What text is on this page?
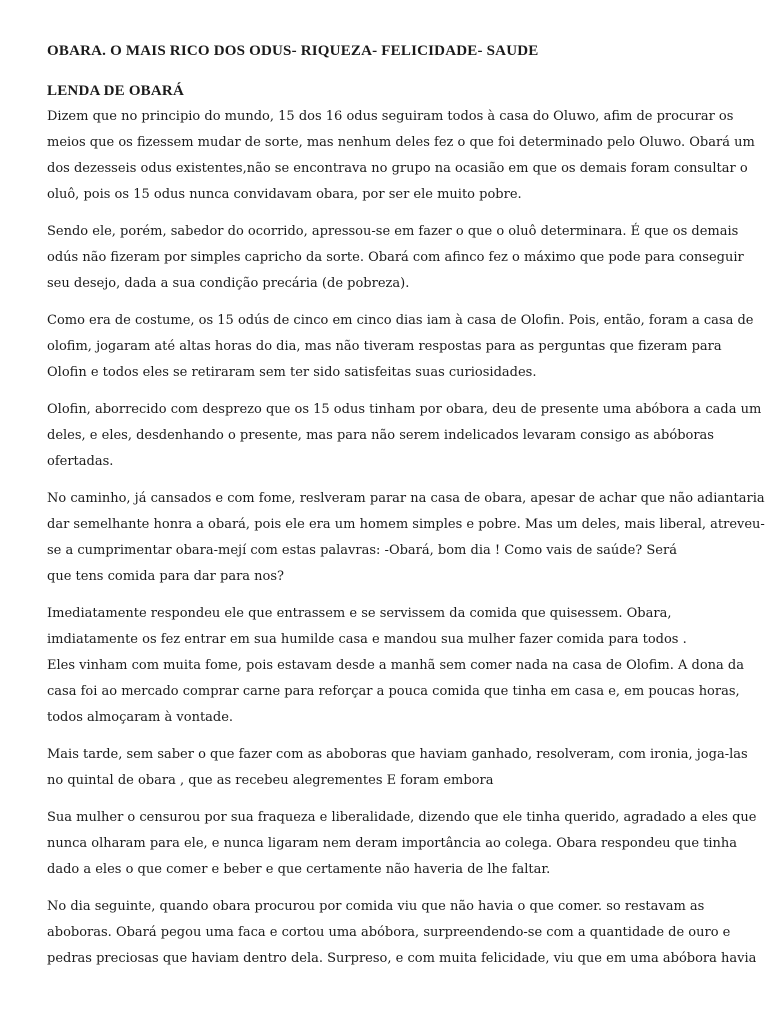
OBARA. O MAIS RICO DOS ODUS- RIQUEZA- FELICIDADE- SAUDE
LENDA DE OBARÁ

Dizem que no principio do mundo, 15 dos 16 odus seguiram todos à casa do Oluwo, afim de procurar os
meios que os fizessem mudar de sorte, mas nenhum deles fez o que foi determinado pelo Oluwo. Obará um
dos dezesseis odus existentes,não se encontrava no grupo na ocasião em que os demais foram consultar o
oluô, pois os 15 odus nunca convidavam obara, por ser ele muito pobre.

Sendo ele, porém, sabedor do ocorrido, apressou-se em fazer o que o oluô determinara. É que os demais
odús não fizeram por simples capricho da sorte. Obará com afinco fez o máximo que pode para conseguir
seu desejo, dada a sua condição precária (de pobreza).

Como era de costume, os 15 odús de cinco em cinco dias iam à casa de Olofin. Pois, então, foram a casa de
olofim, jogaram até altas horas do dia, mas não tiveram respostas para as perguntas que fizeram para
Olofin e todos eles se retiraram sem ter sido satisfeitas suas curiosidades.

Olofin, aborrecido com desprezo que os 15 odus tinham por obara, deu de presente uma abóbora a cada um
deles, e eles, desdenhando o presente, mas para não serem indelicados levaram consigo as abóboras
ofertadas.

No caminho, já cansados e com fome, reslveram parar na casa de obara, apesar de achar que não adiantaria
dar semelhante honra a obará, pois ele era um homem simples e pobre. Mas um deles, mais liberal, atreveu-
se a cumprimentar obara-mejí com estas palavras: -Obará, bom dia ! Como vais de saúde? Será
que tens comida para dar para nos?

Imediatamente respondeu ele que entrassem e se servissem da comida que quisessem. Obara,
imdiatamente os fez entrar em sua humilde casa e mandou sua mulher fazer comida para todos .
Eles vinham com muita fome, pois estavam desde a manhã sem comer nada na casa de Olofim. A dona da
casa foi ao mercado comprar carne para reforçar a pouca comida que tinha em casa e, em poucas horas,
todos almoçaram à vontade.

Mais tarde, sem saber o que fazer com as aboboras que haviam ganhado, resolveram, com ironia, joga-las
no quintal de obara , que as recebeu alegrementes E foram embora

Sua mulher o censurou por sua fraqueza e liberalidade, dizendo que ele tinha querido, agradado a eles que
nunca olharam para ele, e nunca ligaram nem deram importância ao colega. Obara respondeu que tinha
dado a eles o que comer e beber e que certamente não haveria de lhe faltar.

No dia seguinte, quando obara procurou por comida viu que não havia o que comer. so restavam as
aboboras. Obará pegou uma faca e cortou uma abóbora, surpreendendo-se com a quantidade de ouro e
pedras preciosas que haviam dentro dela. Surpreso, e com muita felicidade, viu que em uma abóbora havia
